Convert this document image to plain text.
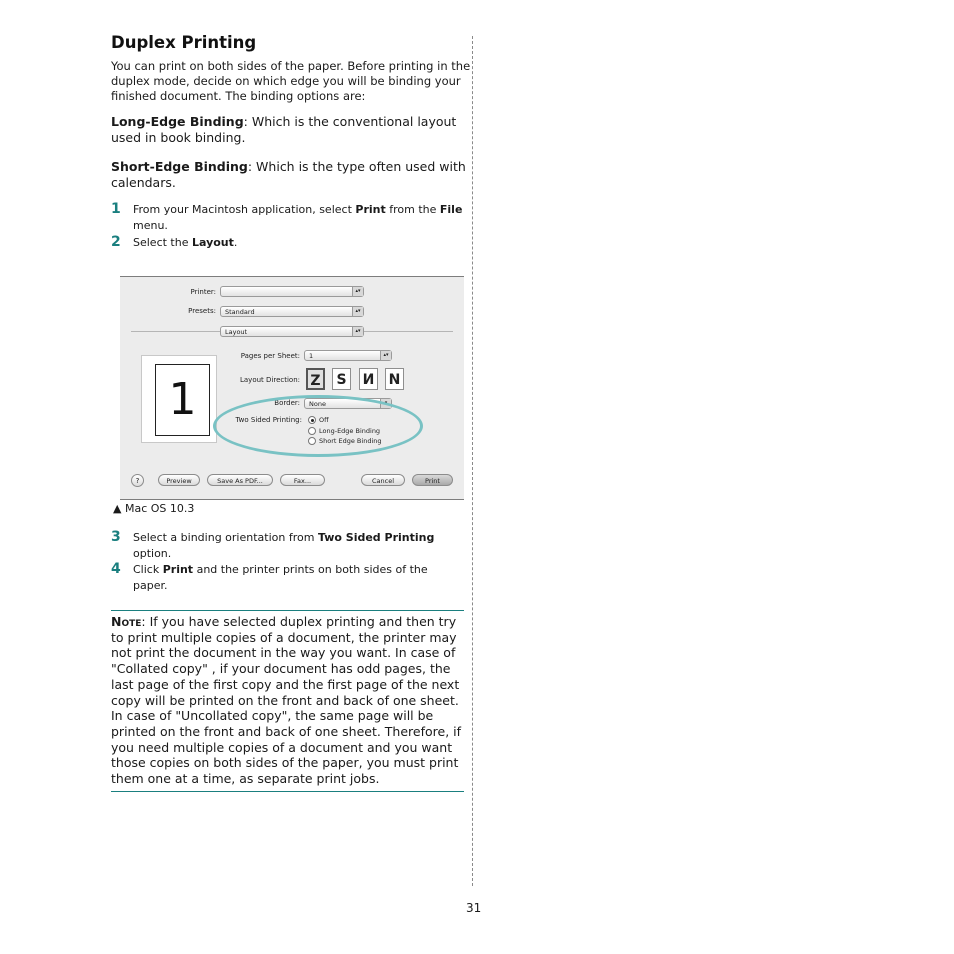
Duplex Printing
You can print on both sides of the paper. Before printing in the duplex mode, decide on which edge you will be binding your finished document. The binding options are:
Long-Edge Binding: Which is the conventional layout used in book binding.
Short-Edge Binding: Which is the type often used with calendars.
1 From your Macintosh application, select Print from the File menu.
2 Select the Layout.
Printer:	▴▾
Presets:	Standard	▴▾
Layout	▴▾
1
Pages per Sheet:	1	▴▾
Layout Direction: Z	S	И N
Border:	None	▾
Two Sided Printing:	Off
Long-Edge Binding
Short Edge Binding
?	Preview	Save As PDF...	Fax...	Cancel	Print
▲ Mac OS 10.3
3 Select a binding orientation from Two Sided Printing option.
4 Click Print and the printer prints on both sides of the paper.
Note: If you have selected duplex printing and then try to print multiple copies of a document, the printer may not print the document in the way you want. In case of "Collated copy" , if your document has odd pages, the last page of the first copy and the first page of the next copy will be printed on the front and back of one sheet. In case of "Uncollated copy", the same page will be printed on the front and back of one sheet. Therefore, if you need multiple copies of a document and you want those copies on both sides of the paper, you must print them one at a time, as separate print jobs.
31
